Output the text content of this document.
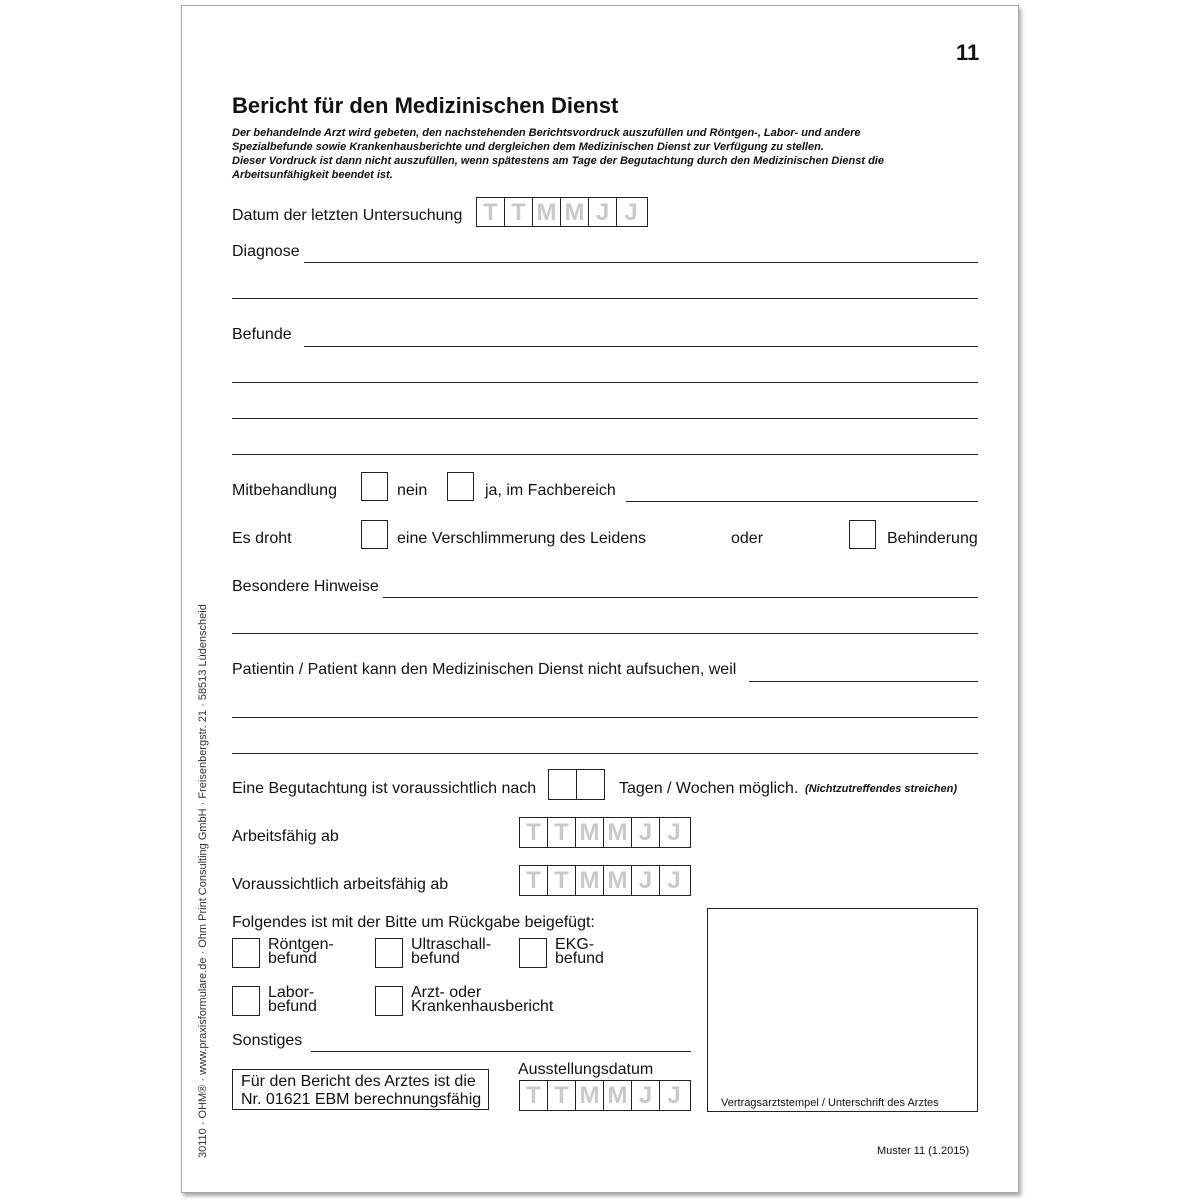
30110 · OHM® · www.praxisformulare.de · Ohm Print Consulting GmbH · Freisenbergstr. 21 · 58513 Lüdenscheid
11
Bericht für den Medizinischen Dienst
Der behandelnde Arzt wird gebeten, den nachstehenden Berichtsvordruck auszufüllen und Röntgen-, Labor- und andere
Spezialbefunde sowie Krankenhausberichte und dergleichen dem Medizinischen Dienst zur Verfügung zu stellen.
Dieser Vordruck ist dann nicht auszufüllen, wenn spätestens am Tage der Begutachtung durch den Medizinischen Dienst die
Arbeitsunfähigkeit beendet ist.
Datum der letzten Untersuchung T T M M J J
Diagnose
Befunde
Mitbehandlung	nein	ja, im Fachbereich
Es droht	eine Verschlimmerung des Leidens	oder	Behinderung
Besondere Hinweise
Patientin / Patient kann den Medizinischen Dienst nicht aufsuchen, weil
Eine Begutachtung ist voraussichtlich nach	Tagen / Wochen möglich. (Nichtzutreffendes streichen)
Arbeitsfähig ab	T T M M J J
Voraussichtlich arbeitsfähig ab	T T M M J J
Folgendes ist mit der Bitte um Rückgabe beigefügt:
Röntgen-
befund
Ultraschall-
befund
EKG-
befund
Labor-
befund
Arzt- oder
Krankenhausbericht
Sonstiges
Für den Bericht des Arztes ist die
Nr. 01621 EBM berechnungsfähig
Ausstellungsdatum
T T M M J J	Vertragsarztstempel / Unterschrift des Arztes
Muster 11 (1.2015)
